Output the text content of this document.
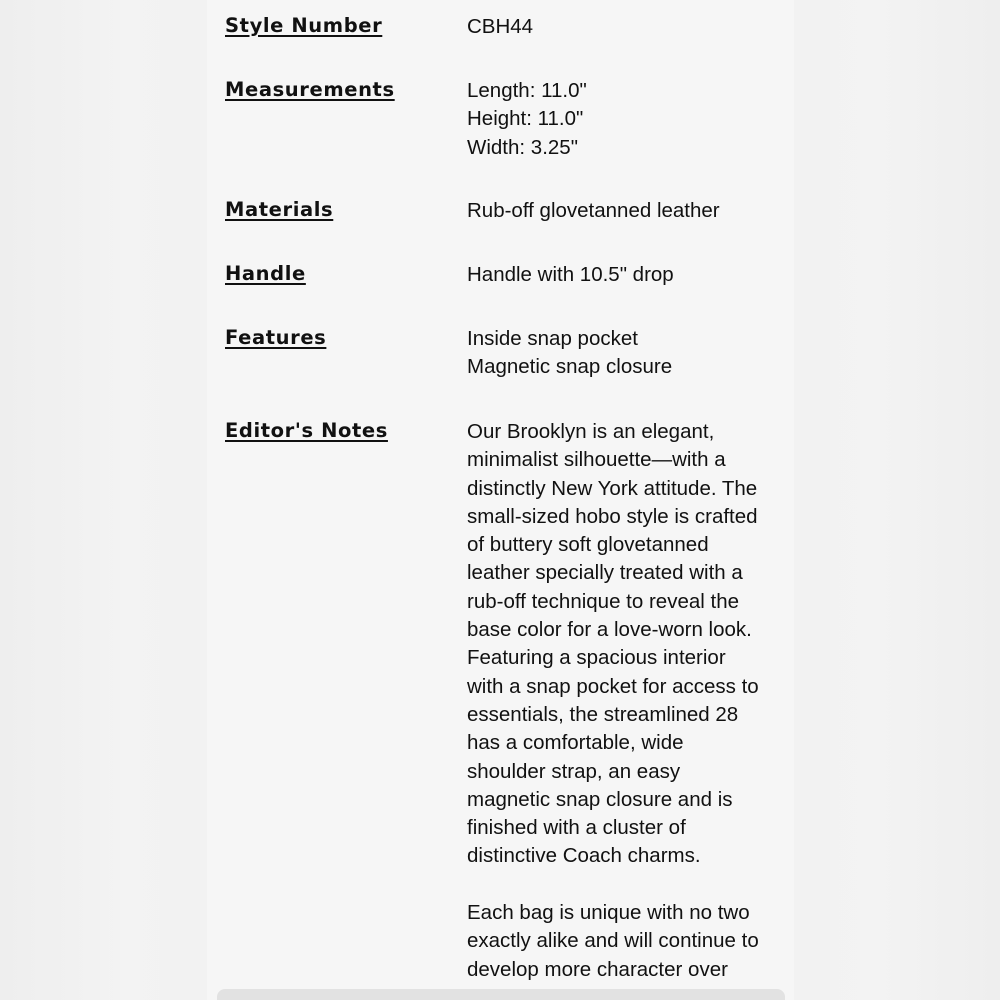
Style Number	CBH44
Measurements	Length: 11.0"
Height: 11.0"
Width: 3.25"
Materials	Rub-off glovetanned leather
Handle	Handle with 10.5" drop
Features	Inside snap pocket
Magnetic snap closure
Editor's Notes	Our Brooklyn is an elegant,
minimalist silhouette—with a
distinctly New York attitude. The
small-sized hobo style is crafted
of buttery soft glovetanned
leather specially treated with a
rub-off technique to reveal the
base color for a love-worn look.
Featuring a spacious interior
with a snap pocket for access to
essentials, the streamlined 28
has a comfortable, wide
shoulder strap, an easy
magnetic snap closure and is
finished with a cluster of
distinctive Coach charms.

Each bag is unique with no two
exactly alike and will continue to
develop more character over
